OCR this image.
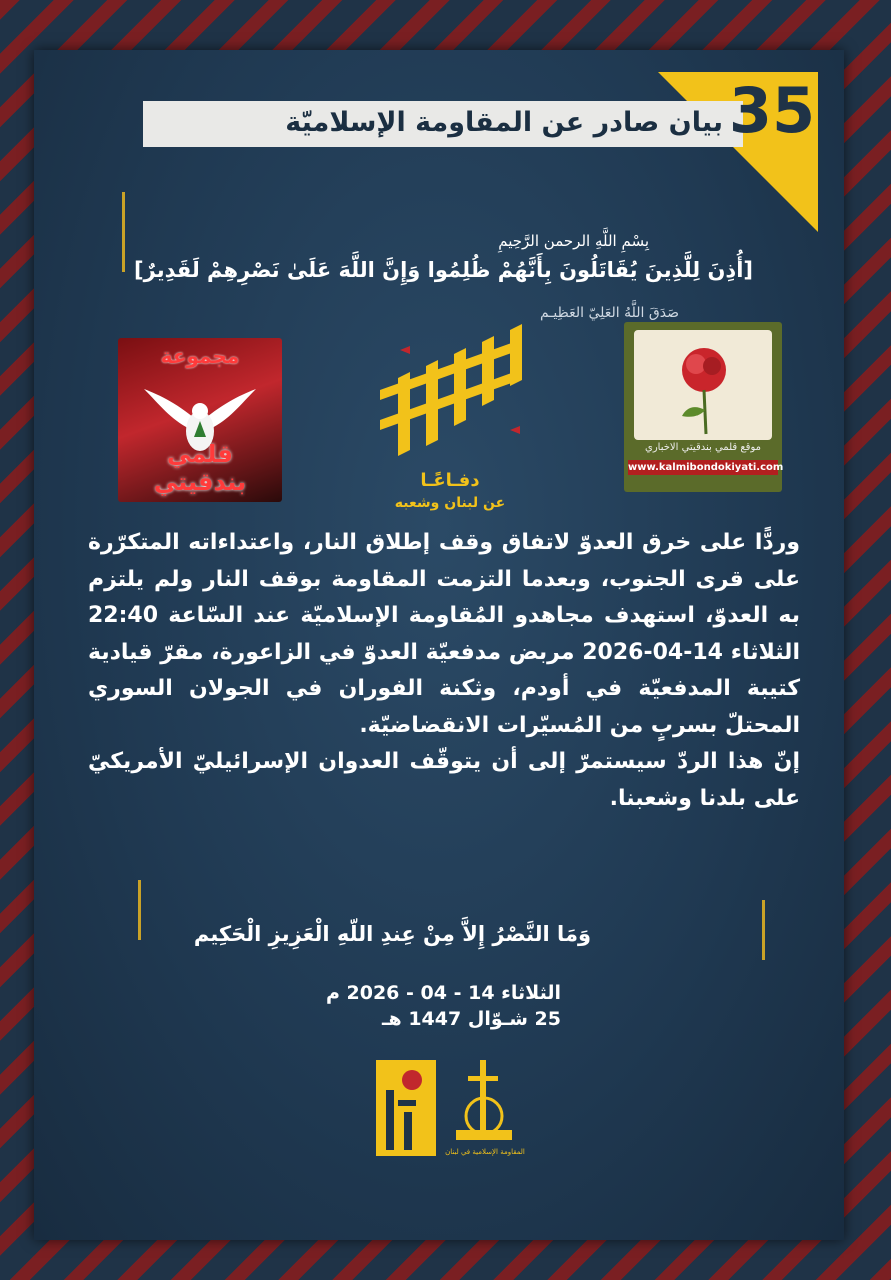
بيان صادر عن المقاومة الإسلاميّة 35
بِسْمِ اللَّهِ الرحمن الرَّحِيمِ
[أُذِنَ لِلَّذِينَ يُقَاتَلُونَ بِأَنَّهُمْ ظُلِمُوا وَإِنَّ اللَّهَ عَلَىٰ نَصْرِهِمْ لَقَدِيرٌ]
صَدَقَ اللَّهُ العَلِيّ العَظِيـم
مجموعة
قلمي بندقيتي	دفـاعًـا
عن لبنان وشعبه
موقع قلمي بندقيتي الاخباري
www.kalmibondokiyati.com

وردًّا على خرق العدوّ لاتفاق وقف إطلاق النار، واعتداءاته المتكرّرة على قرى الجنوب، وبعدما التزمت المقاومة بوقف النار ولم يلتزم به العدوّ، استهدف مجاهدو المُقاومة الإسلاميّة عند السّاعة 22:40 الثلاثاء 14-04-2026 مربض مدفعيّة العدوّ في الزاعورة، مقرّ قيادية كتيبة المدفعيّة في أودم، وثكنة الفوران في الجولان السوري المحتلّ بسربٍ من المُسيّرات الانقضاضيّة.

إنّ هذا الردّ سيستمرّ إلى أن يتوقّف العدوان الإسرائيليّ الأمريكيّ على بلدنا وشعبنا.

وَمَا النَّصْرُ إِلاَّ مِنْ عِندِ اللّهِ الْعَزِيزِ الْحَكِيم
الثلاثاء 14 - 04 - 2026 م
25 شـوّال 1447 هـ
المقاومة الإسلامية في لبنان
